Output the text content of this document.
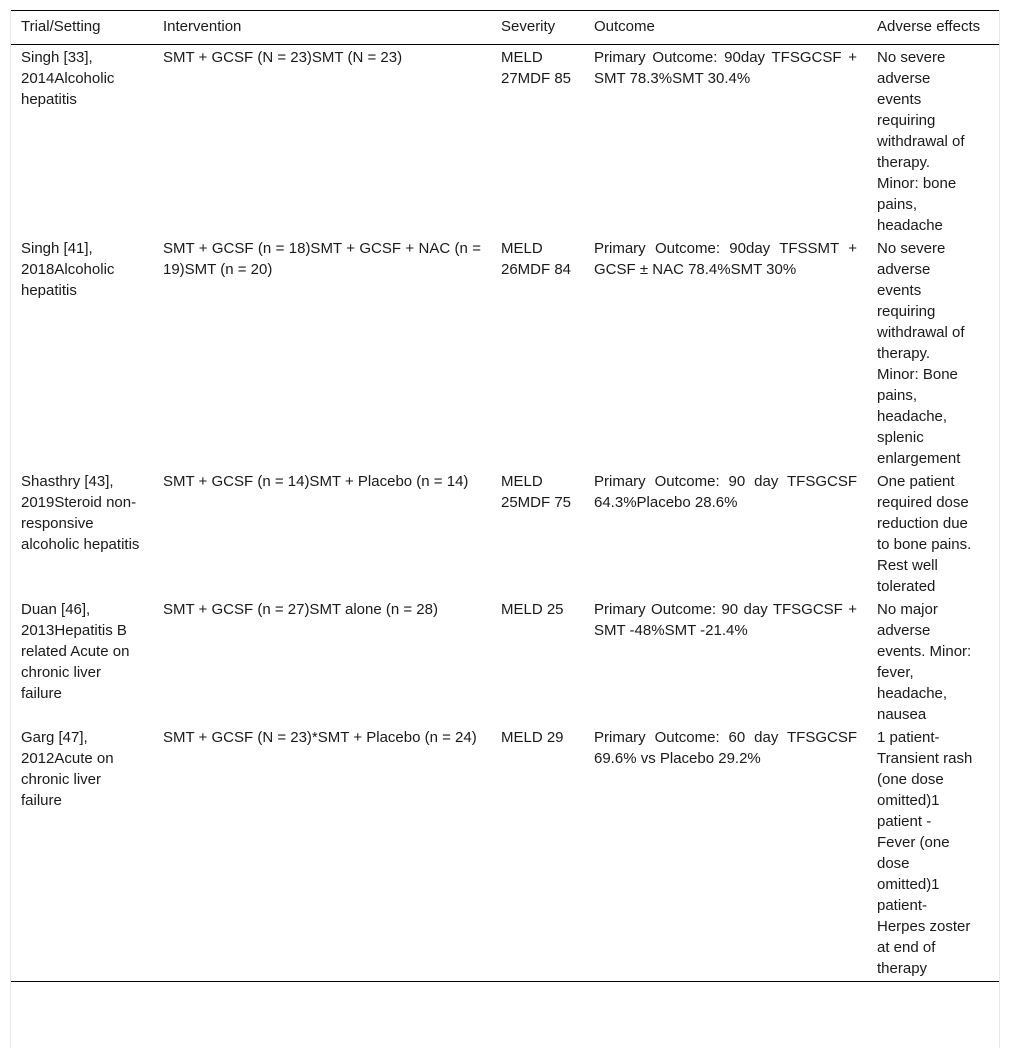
Trial/Setting	Intervention	Severity	Outcome	Adverse effects
Singh [33], 2014Alcoholic hepatitis	SMT + GCSF (N = 23)SMT (N = 23)	MELD 27MDF 85	Primary Outcome: 90day TFSGCSF + SMT 78.3%SMT 30.4%	No severe adverse events requiring withdrawal of therapy. Minor: bone pains, headache
Singh [41], 2018Alcoholic hepatitis	SMT + GCSF (n = 18)SMT + GCSF + NAC (n = 19)SMT (n = 20)	MELD 26MDF 84	Primary Outcome: 90day TFSSMT + GCSF ± NAC 78.4%SMT 30%	No severe adverse events requiring withdrawal of therapy. Minor: Bone pains, headache, splenic enlargement
Shasthry [43], 2019Steroid non-responsive alcoholic hepatitis	SMT + GCSF (n = 14)SMT + Placebo (n = 14)	MELD 25MDF 75	Primary Outcome: 90 day TFSGCSF 64.3%Placebo 28.6%	One patient required dose reduction due to bone pains. Rest well tolerated
Duan [46], 2013Hepatitis B related Acute on chronic liver failure	SMT + GCSF (n = 27)SMT alone (n = 28)	MELD 25	Primary Outcome: 90 day TFSGCSF + SMT -48%SMT -21.4%	No major adverse events. Minor: fever, headache, nausea
Garg [47], 2012Acute on chronic liver failure	SMT + GCSF (N = 23)*SMT + Placebo (n = 24)	MELD 29	Primary Outcome: 60 day TFSGCSF 69.6% vs Placebo 29.2%	1 patient- Transient rash (one dose omitted)1 patient - Fever (one dose omitted)1 patient- Herpes zoster at end of therapy
